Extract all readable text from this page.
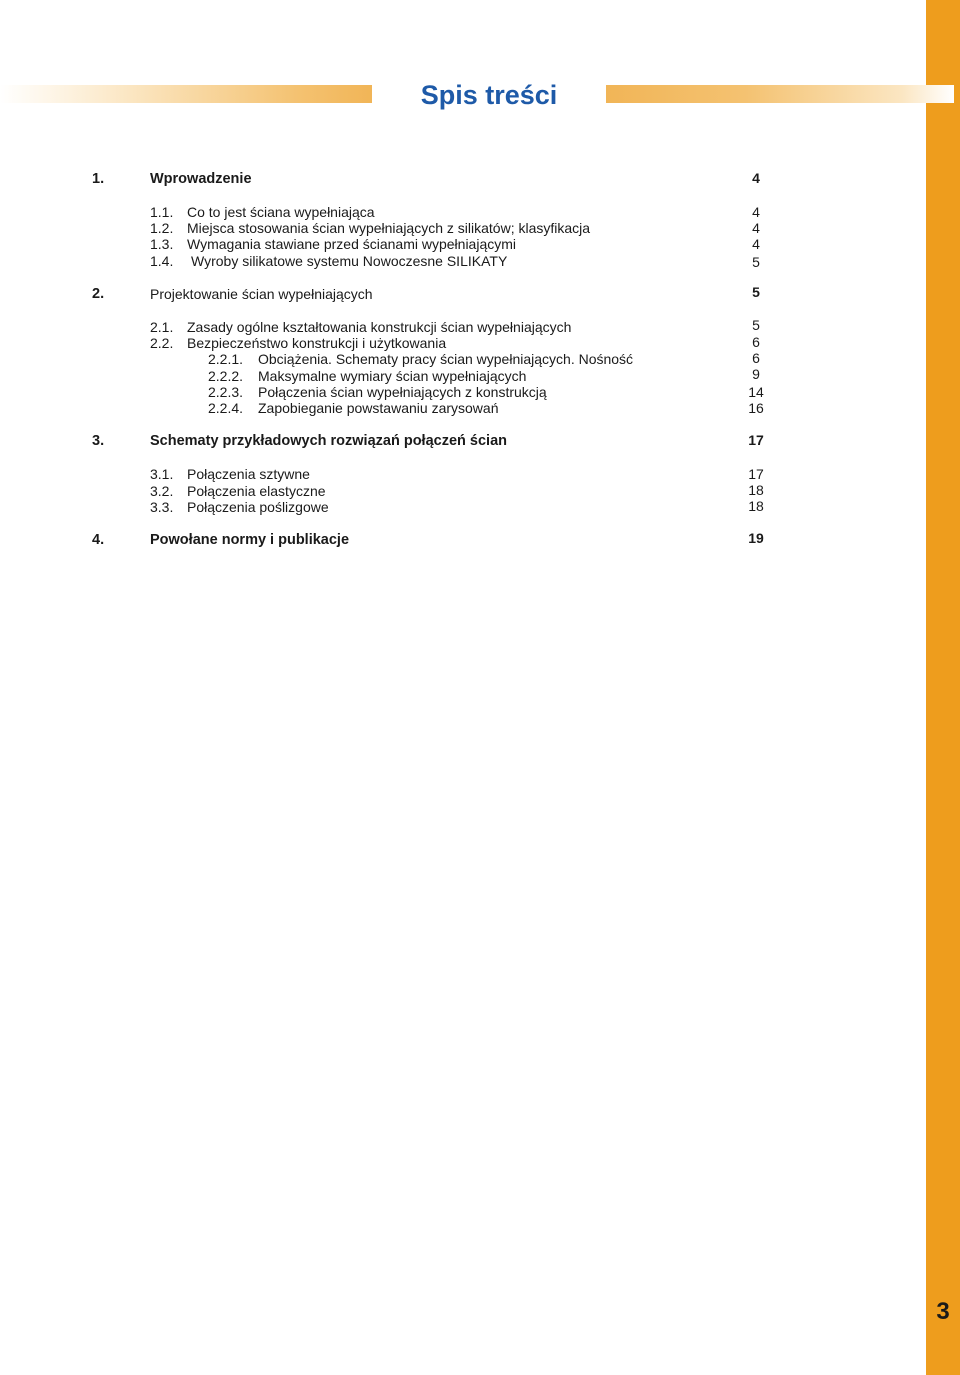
Spis treści
1.	Wprowadzenie	4
1.1. Co to jest ściana wypełniająca	4
1.2. Miejsca stosowania ścian wypełniających z silikatów; klasyfikacja	4
1.3. Wymagania stawiane przed ścianami wypełniającymi	4
1.4. Wyroby silikatowe systemu Nowoczesne SILIKATY	5
2.	Projektowanie ścian wypełniających	5
2.1. Zasady ogólne kształtowania konstrukcji ścian wypełniających	5
2.2. Bezpieczeństwo konstrukcji i użytkowania	6
2.2.1. Obciążenia. Schematy pracy ścian wypełniających. Nośność	6
2.2.2. Maksymalne wymiary ścian wypełniających	9
2.2.3. Połączenia ścian wypełniających z konstrukcją	14
2.2.4. Zapobieganie powstawaniu zarysowań	16
3.	Schematy przykładowych rozwiązań połączeń ścian	17
3.1. Połączenia sztywne	17
3.2. Połączenia elastyczne	18
3.3. Połączenia poślizgowe	18
4.	Powołane normy i publikacje	19
3
